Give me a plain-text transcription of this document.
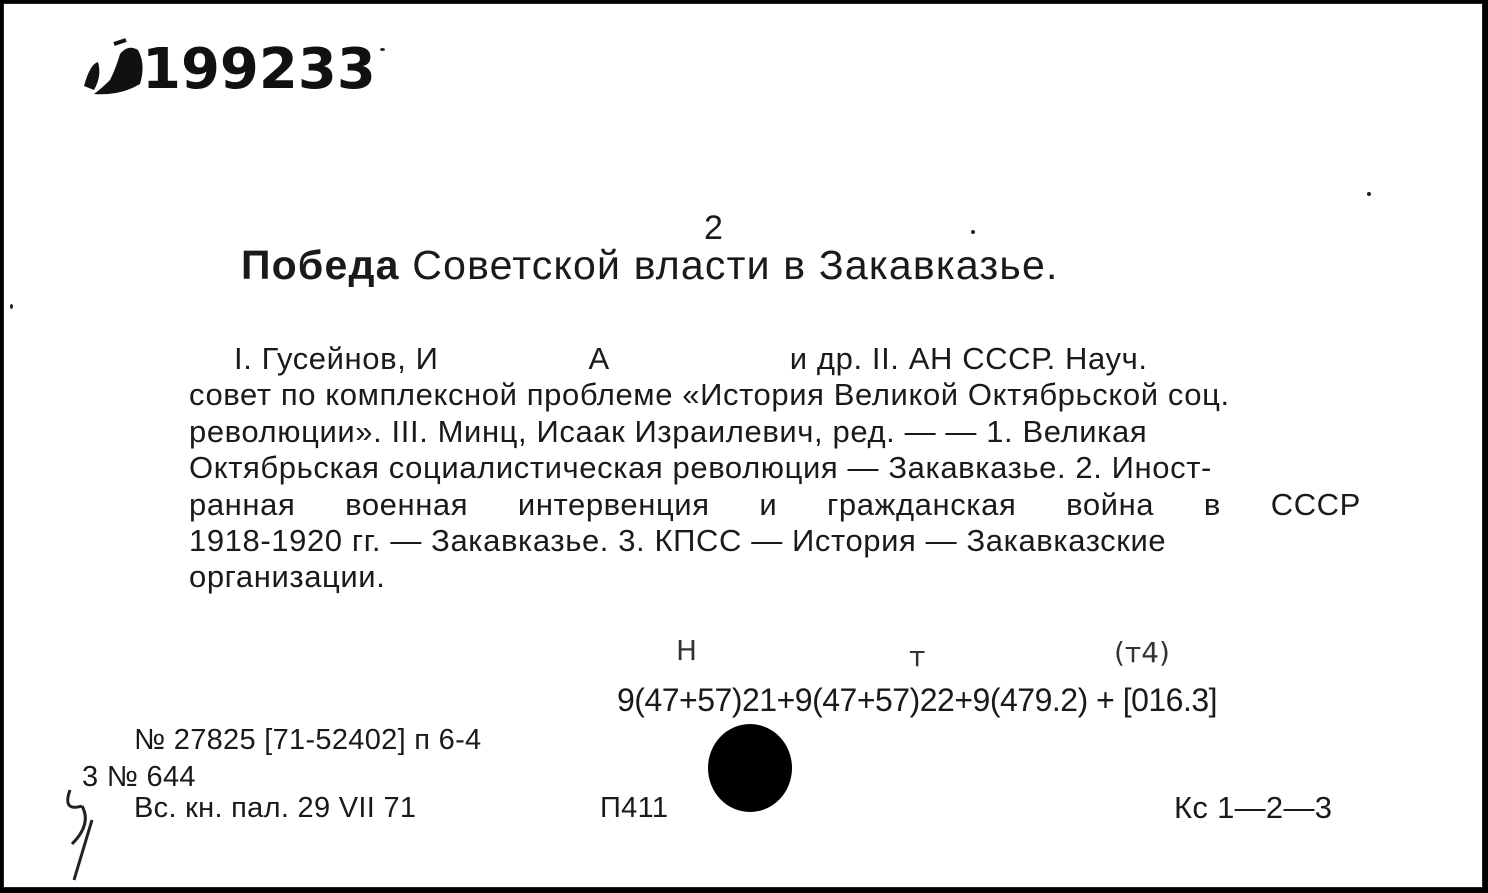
199233
2
Победа Советской власти в Закавказье.
I. Гусейнов, И	А	и др. II. АН СССР. Науч.
совет по комплексной проблеме «История Великой Октябрьской соц.
революции». III. Минц, Исаак Израилевич, ред. — — 1. Великая
Октябрьская социалистическая революция — Закавказье. 2. Иност-
ранная военная интервенция и гражданская война в СССР
1918-1920 гг. — Закавказье. 3. КПСС — История — Закавказские
организации.
Н	т	(т4)
9(47+57)21+9(47+57)22+9(479.2) + [016.3]
№ 27825 [71-52402] п 6-4
3 № 644
Вс. кн. пал. 29 VII 71	П411	Кс 1—2—3
